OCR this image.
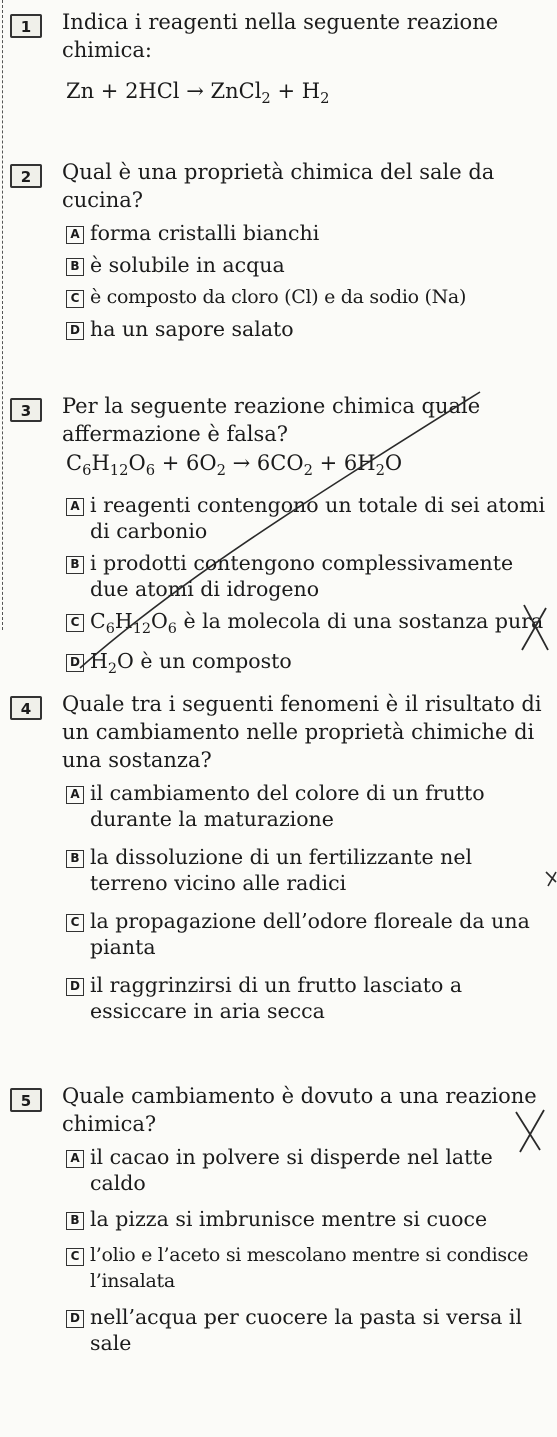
1	Indica i reagenti nella seguente reazione chimica:
Zn + 2HCl → ZnCl$_2$ + $H_2$
2	Qual è una proprietà chimica del sale da cucina?
A forma cristalli bianchi
B è solubile in acqua
C è composto da cloro (Cl) e da sodio (Na)
D ha un sapore salato
3	Per la seguente reazione chimica quale affermazione è falsa?
$C_6H_{12}O_6 + 6O_2 \to 6CO_2 + 6H_2O$
A i reagenti contengono un totale di sei atomi di carbonio
B i prodotti contengono complessivamente due atomi di idrogeno
C $C_6H_{12}O_6$ è la molecola di una sostanza pura
D $H_2O$ è un composto
4	Quale tra i seguenti fenomeni è il risultato di un cambiamento nelle proprietà chimiche di una sostanza?
A il cambiamento del colore di un frutto durante la maturazione
B la dissoluzione di un fertilizzante nel terreno vicino alle radici
C la propagazione dell’odore floreale da una pianta
D il raggrinzirsi di un frutto lasciato a essiccare in aria secca
5	Quale cambiamento è dovuto a una reazione chimica?
A il cacao in polvere si disperde nel latte caldo
B la pizza si imbrunisce mentre si cuoce
C l’olio e l’aceto si mescolano mentre si condisce l’insalata
D nell’acqua per cuocere la pasta si versa il sale
